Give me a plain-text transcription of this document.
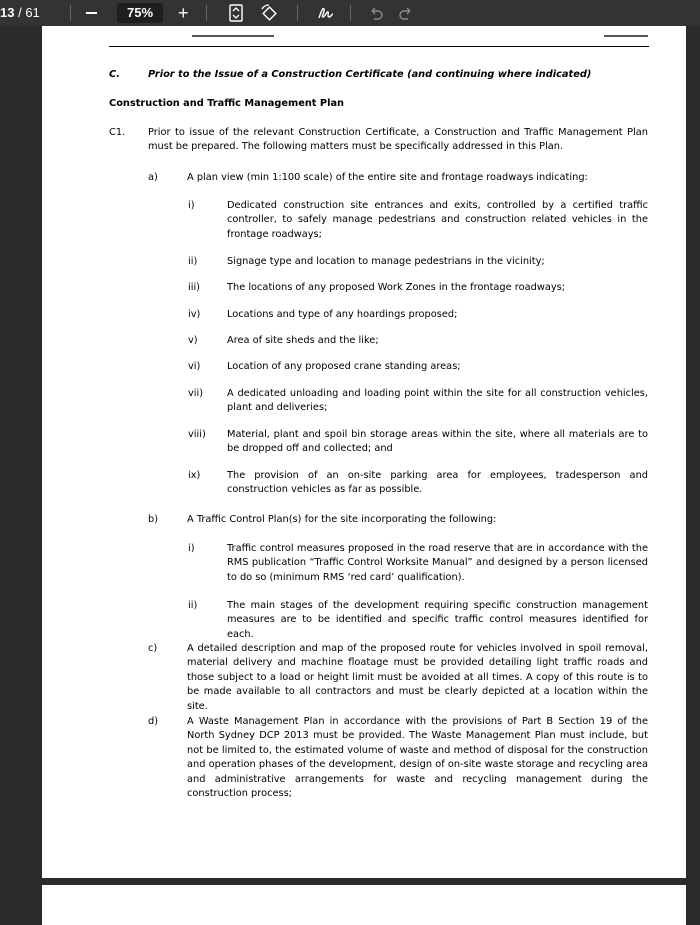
13 / 61	75%	+
C.	Prior to the Issue of a Construction Certificate (and continuing where indicated)
Construction and Traffic Management Plan
C1. Prior to issue of the relevant Construction Certificate, a Construction and Traffic Management Plan must be prepared. The following matters must be specifically addressed in this Plan.
a)	A plan view (min 1:100 scale) of the entire site and frontage roadways indicating:
i)	Dedicated construction site entrances and exits, controlled by a certified traffic controller, to safely manage pedestrians and construction related vehicles in the frontage roadways;
ii)	Signage type and location to manage pedestrians in the vicinity;
iii)	The locations of any proposed Work Zones in the frontage roadways;
iv)	Locations and type of any hoardings proposed;
v)	Area of site sheds and the like;
vi)	Location of any proposed crane standing areas;
vii) A dedicated unloading and loading point within the site for all construction vehicles, plant and deliveries;
viii) Material, plant and spoil bin storage areas within the site, where all materials are to be dropped off and collected; and
ix)	The provision of an on-site parking area for employees, tradesperson and construction vehicles as far as possible.
b)	A Traffic Control Plan(s) for the site incorporating the following:
i)	Traffic control measures proposed in the road reserve that are in accordance with the RMS publication “Traffic Control Worksite Manual” and designed by a person licensed to do so (minimum RMS ‘red card’ qualification).
ii)	The main stages of the development requiring specific construction management measures are to be identified and specific traffic control measures identified for each.
c)	A detailed description and map of the proposed route for vehicles involved in spoil removal, material delivery and machine floatage must be provided detailing light traffic roads and those subject to a load or height limit must be avoided at all times. A copy of this route is to be made available to all contractors and must be clearly depicted at a location within the site.
d)	A Waste Management Plan in accordance with the provisions of Part B Section 19 of the North Sydney DCP 2013 must be provided. The Waste Management Plan must include, but not be limited to, the estimated volume of waste and method of disposal for the construction and operation phases of the development, design of on-site waste storage and recycling area and administrative arrangements for waste and recycling management during the construction process;
